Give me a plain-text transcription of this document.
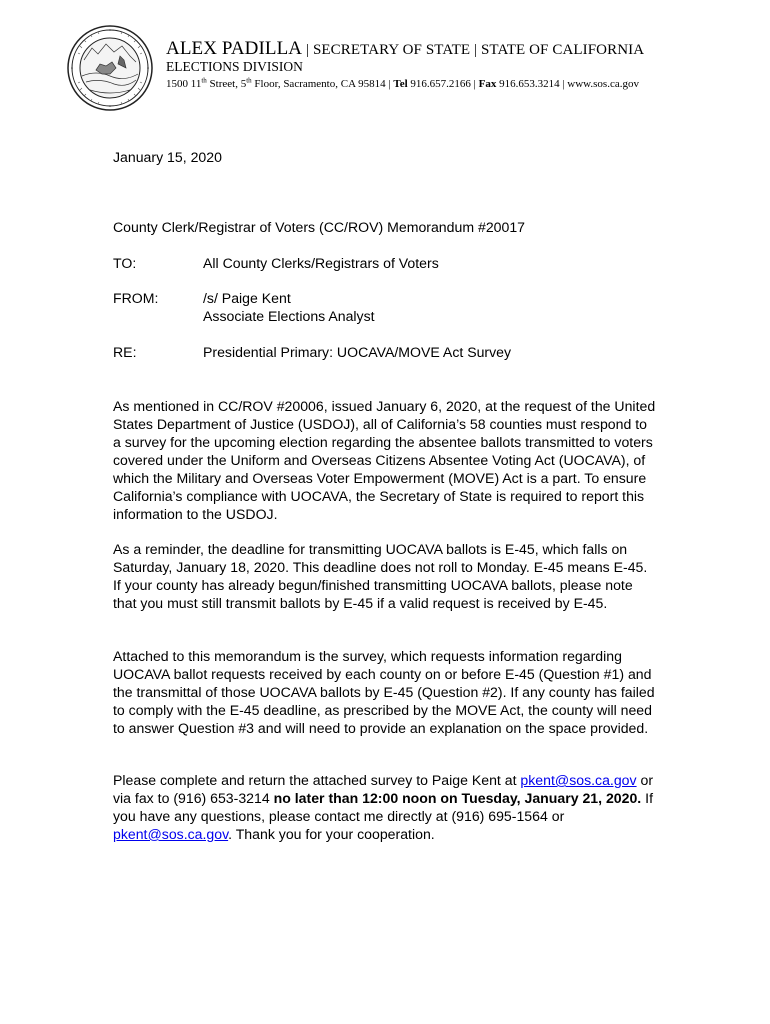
ALEX PADILLA | SECRETARY OF STATE | STATE OF CALIFORNIA
ELECTIONS DIVISION
1500 11th Street, 5th Floor, Sacramento, CA 95814 | Tel 916.657.2166 | Fax 916.653.3214 | www.sos.ca.gov
January 15, 2020
County Clerk/Registrar of Voters (CC/ROV) Memorandum #20017
TO:	All County Clerks/Registrars of Voters
FROM:	/s/ Paige Kent
Associate Elections Analyst
RE:	Presidential Primary: UOCAVA/MOVE Act Survey
As mentioned in CC/ROV #20006, issued January 6, 2020, at the request of the United States Department of Justice (USDOJ), all of California’s 58 counties must respond to a survey for the upcoming election regarding the absentee ballots transmitted to voters covered under the Uniform and Overseas Citizens Absentee Voting Act (UOCAVA), of which the Military and Overseas Voter Empowerment (MOVE) Act is a part. To ensure California’s compliance with UOCAVA, the Secretary of State is required to report this information to the USDOJ.
As a reminder, the deadline for transmitting UOCAVA ballots is E-45, which falls on Saturday, January 18, 2020. This deadline does not roll to Monday. E-45 means E-45. If your county has already begun/finished transmitting UOCAVA ballots, please note that you must still transmit ballots by E-45 if a valid request is received by E-45.
Attached to this memorandum is the survey, which requests information regarding UOCAVA ballot requests received by each county on or before E-45 (Question #1) and the transmittal of those UOCAVA ballots by E-45 (Question #2). If any county has failed to comply with the E-45 deadline, as prescribed by the MOVE Act, the county will need to answer Question #3 and will need to provide an explanation on the space provided.
Please complete and return the attached survey to Paige Kent at pkent@sos.ca.gov or via fax to (916) 653-3214 no later than 12:00 noon on Tuesday, January 21, 2020. If you have any questions, please contact me directly at (916) 695-1564 or pkent@sos.ca.gov. Thank you for your cooperation.
